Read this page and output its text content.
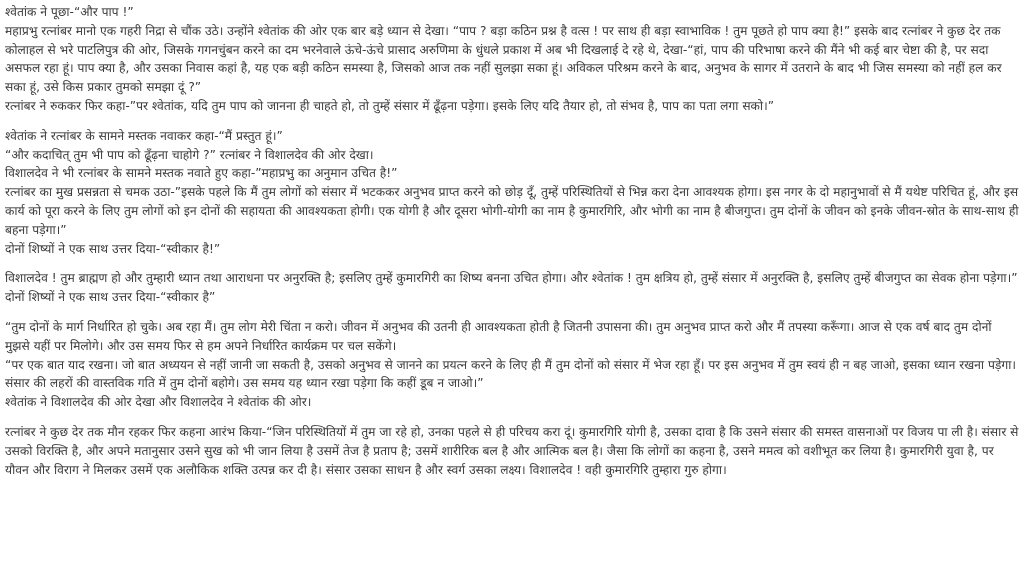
श्वेतांक ने पूछा-“और पाप !”
महाप्रभु रत्नांबर मानो एक गहरी निद्रा से चौंक उठे। उन्होंने श्वेतांक की ओर एक बार बड़े ध्यान से देखा। “पाप ? बड़ा कठिन प्रश्न है वत्स ! पर साथ ही बड़ा स्वाभाविक ! तुम पूछते हो पाप क्या है!” इसके बाद रत्नांबर ने कुछ देर तक कोलाहल से भरे पाटलिपुत्र की ओर, जिसके गगनचुंबन करने का दम भरनेवाले ऊंचे-ऊंचे प्रासाद अरुणिमा के धुंधले प्रकाश में अब भी दिखलाई दे रहे थे, देखा-“हां, पाप की परिभाषा करने की मैंने भी कई बार चेष्टा की है, पर सदा असफल रहा हूं। पाप क्या है, और उसका निवास कहां है, यह एक बड़ी कठिन समस्या है, जिसको आज तक नहीं सुलझा सका हूं। अविकल परिश्रम करने के बाद, अनुभव के सागर में उतराने के बाद भी जिस समस्या को नहीं हल कर सका हूं, उसे किस प्रकार तुमको समझा दूं ?”
रत्नांबर ने रुककर फिर कहा-”पर श्वेतांक, यदि तुम पाप को जानना ही चाहते हो, तो तुम्हें संसार में ढूँढ़ना पड़ेगा। इसके लिए यदि तैयार हो, तो संभव है, पाप का पता लगा सको।”
श्वेतांक ने रत्नांबर के सामने मस्तक नवाकर कहा-“मैं प्रस्तुत हूं।”
“और कदाचित्‌ तुम भी पाप को ढूँढ़ना चाहोगे ?” रत्नांबर ने विशालदेव की ओर देखा।
विशालदेव ने भी रत्नांबर के सामने मस्तक नवाते हुए कहा-”महाप्रभु का अनुमान उचित है!”
रत्नांबर का मुख प्रसन्नता से चमक उठा-”इसके पहले कि मैं तुम लोगों को संसार में भटककर अनुभव प्राप्त करने को छोड़ दूँ, तुम्हें परिस्थितियों से भिन्न करा देना आवश्यक होगा। इस नगर के दो महानुभावों से मैं यथेष्ट परिचित हूं, और इस कार्य को पूरा करने के लिए तुम लोगों को इन दोनों की सहायता की आवश्यकता होगी। एक योगी है और दूसरा भोगी-योगी का नाम है कुमारगिरि, और भोगी का नाम है बीजगुप्त। तुम दोनों के जीवन को इनके जीवन-स्रोत के साथ-साथ ही बहना पड़ेगा।”
दोनों शिष्यों ने एक साथ उत्तर दिया-“स्वीकार है!”
विशालदेव ! तुम ब्राह्मण हो और तुम्हारी ध्यान तथा आराधना पर अनुरक्ति है; इसलिए तुम्हें कुमारगिरी का शिष्य बनना उचित होगा। और श्वेतांक ! तुम क्षत्रिय हो, तुम्हें संसार में अनुरक्ति है, इसलिए तुम्हें बीजगुप्त का सेवक होना पड़ेगा।”
दोनों शिष्यों ने एक साथ उत्तर दिया-“स्वीकार है”
“तुम दोनों के मार्ग निर्धारित हो चुके। अब रहा मैं। तुम लोग मेरी चिंता न करो। जीवन में अनुभव की उतनी ही आवश्यकता होती है जितनी उपासना की। तुम अनुभव प्राप्त करो और मैं तपस्या करूँगा। आज से एक वर्ष बाद तुम दोनों मुझसे यहीं पर मिलोगे। और उस समय फिर से हम अपने निर्धारित कार्यक्रम पर चल सकेंगे।
“पर एक बात याद रखना। जो बात अध्ययन से नहीं जानी जा सकती है, उसको अनुभव से जानने का प्रयत्न करने के लिए ही मैं तुम दोनों को संसार में भेज रहा हूँ। पर इस अनुभव में तुम स्वयं ही न बह जाओ, इसका ध्यान रखना पड़ेगा। संसार की लहरों की वास्तविक गति में तुम दोनों बहोगे। उस समय यह ध्यान रखा पड़ेगा कि कहीं डूब न जाओ।”
श्वेतांक ने विशालदेव की ओर देखा और विशालदेव ने श्वेतांक की ओर।
रत्नांबर ने कुछ देर तक मौन रहकर फिर कहना आरंभ किया-“जिन परिस्थितियों में तुम जा रहे हो, उनका पहले से ही परिचय करा दूं। कुमारगिरि योगी है, उसका दावा है कि उसने संसार की समस्त वासनाओं पर विजय पा ली है। संसार से उसको विरक्ति है, और अपने मतानुसार उसने सुख को भी जान लिया है उसमें तेज है प्रताप है; उसमें शारीरिक बल है और आत्मिक बल है। जैसा कि लोगों का कहना है, उसने ममत्व को वशीभूत कर लिया है। कुमारगिरी युवा है, पर यौवन और विराग ने मिलकर उसमें एक अलौकिक शक्ति उत्पन्न कर दी है। संसार उसका साधन है और स्वर्ग उसका लक्ष्य। विशालदेव ! वही कुमारगिरि तुम्हारा गुरु होगा।
